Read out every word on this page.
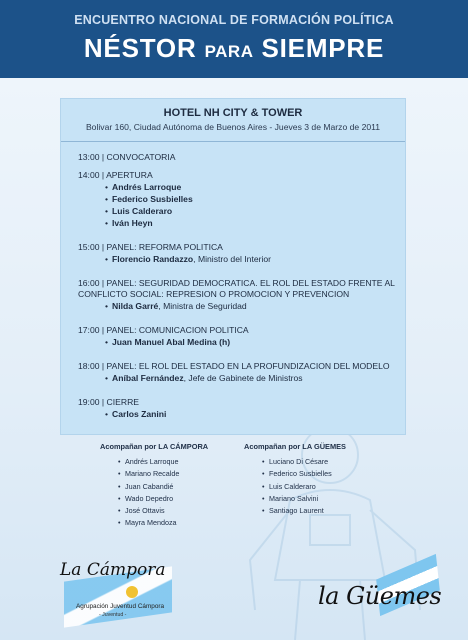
ENCUENTRO NACIONAL DE FORMACIÓN POLÍTICA
NÉSTOR PARA SIEMPRE
HOTEL NH CITY & TOWER
Bolivar 160, Ciudad Autónoma de Buenos Aires - Jueves 3 de Marzo de 2011
13:00 | CONVOCATORIA
14:00 | APERTURA
• Andrés Larroque
• Federico Susbielles
• Luis Calderaro
• Iván Heyn
15:00 | PANEL: REFORMA POLITICA
• Florencio Randazzo, Ministro del Interior
16:00 | PANEL: SEGURIDAD DEMOCRATICA. EL ROL DEL ESTADO FRENTE AL CONFLICTO SOCIAL: REPRESION O PROMOCION Y PREVENCION
• Nilda Garré, Ministra de Seguridad
17:00 | PANEL: COMUNICACION POLITICA
• Juan Manuel Abal Medina (h)
18:00 | PANEL: EL ROL DEL ESTADO EN LA PROFUNDIZACION DEL MODELO
• Aníbal Fernández, Jefe de Gabinete de Ministros
19:00 | CIERRE
• Carlos Zanini
Acompañan por LA CÁMPORA
• Andrés Larroque
• Mariano Recalde
• Juan Cabandié
• Wado Depedro
• José Ottavis
• Mayra Mendoza
Acompañan por LA GÜEMES
• Luciano Di Césare
• Federico Susbielles
• Luis Calderaro
• Mariano Salvini
• Santiago Laurent
La Cámpora
Agrupación Juventud Cámpora
- Juventud -
la Güemes
